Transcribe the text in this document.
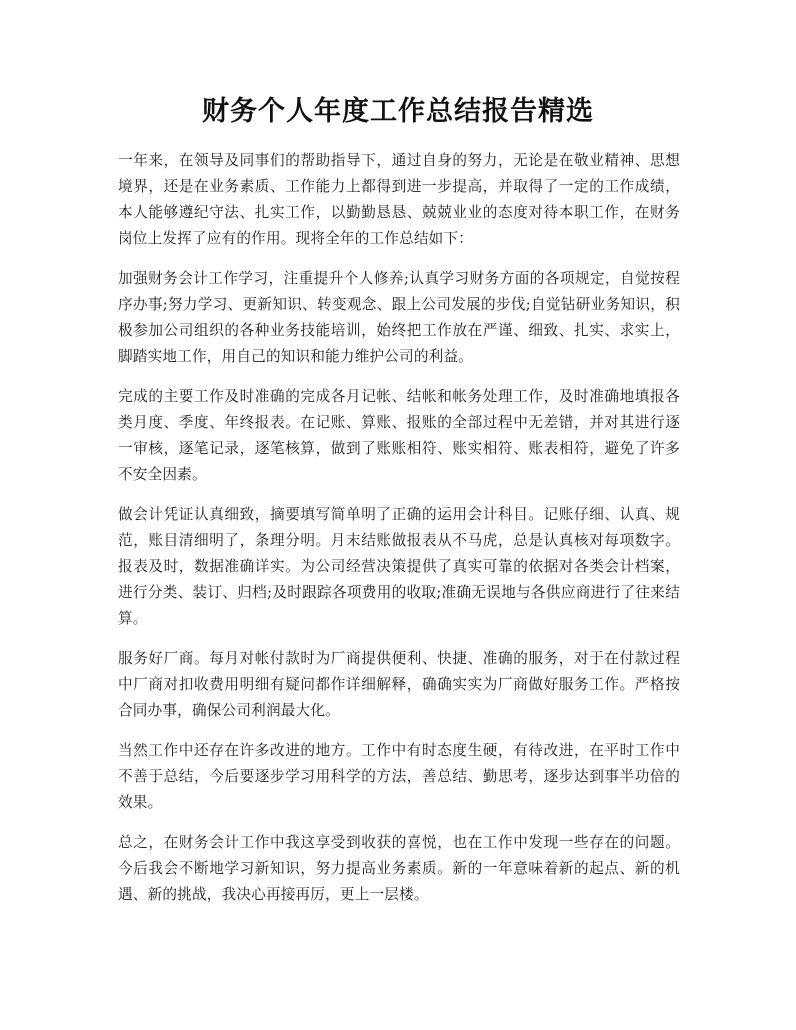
财务个人年度工作总结报告精选

一年来，在领导及同事们的帮助指导下，通过自身的努力，无论是在敬业精神、思想境界，还是在业务素质、工作能力上都得到进一步提高，并取得了一定的工作成绩，本人能够遵纪守法、扎实工作，以勤勤恳恳、兢兢业业的态度对待本职工作，在财务岗位上发挥了应有的作用。现将全年的工作总结如下：

加强财务会计工作学习，注重提升个人修养;认真学习财务方面的各项规定，自觉按程序办事;努力学习、更新知识、转变观念、跟上公司发展的步伐;自觉钻研业务知识，积极参加公司组织的各种业务技能培训，始终把工作放在严谨、细致、扎实、求实上，脚踏实地工作，用自己的知识和能力维护公司的利益。

完成的主要工作及时准确的完成各月记帐、结帐和帐务处理工作，及时准确地填报各类月度、季度、年终报表。在记账、算账、报账的全部过程中无差错，并对其进行逐一审核，逐笔记录，逐笔核算，做到了账账相符、账实相符、账表相符，避免了许多不安全因素。

做会计凭证认真细致，摘要填写简单明了正确的运用会计科目。记账仔细、认真、规范，账目清细明了，条理分明。月末结账做报表从不马虎，总是认真核对每项数字。报表及时，数据准确详实。为公司经营决策提供了真实可靠的依据对各类会计档案，进行分类、装订、归档;及时跟踪各项费用的收取;准确无误地与各供应商进行了往来结算。

服务好厂商。每月对帐付款时为厂商提供便利、快捷、准确的服务，对于在付款过程中厂商对扣收费用明细有疑问都作详细解释，确确实实为厂商做好服务工作。严格按合同办事，确保公司利润最大化。

当然工作中还存在许多改进的地方。工作中有时态度生硬，有待改进，在平时工作中不善于总结，今后要逐步学习用科学的方法，善总结、勤思考，逐步达到事半功倍的效果。

总之，在财务会计工作中我这享受到收获的喜悦，也在工作中发现一些存在的问题。今后我会不断地学习新知识，努力提高业务素质。新的一年意味着新的起点、新的机遇、新的挑战，我决心再接再厉，更上一层楼。
